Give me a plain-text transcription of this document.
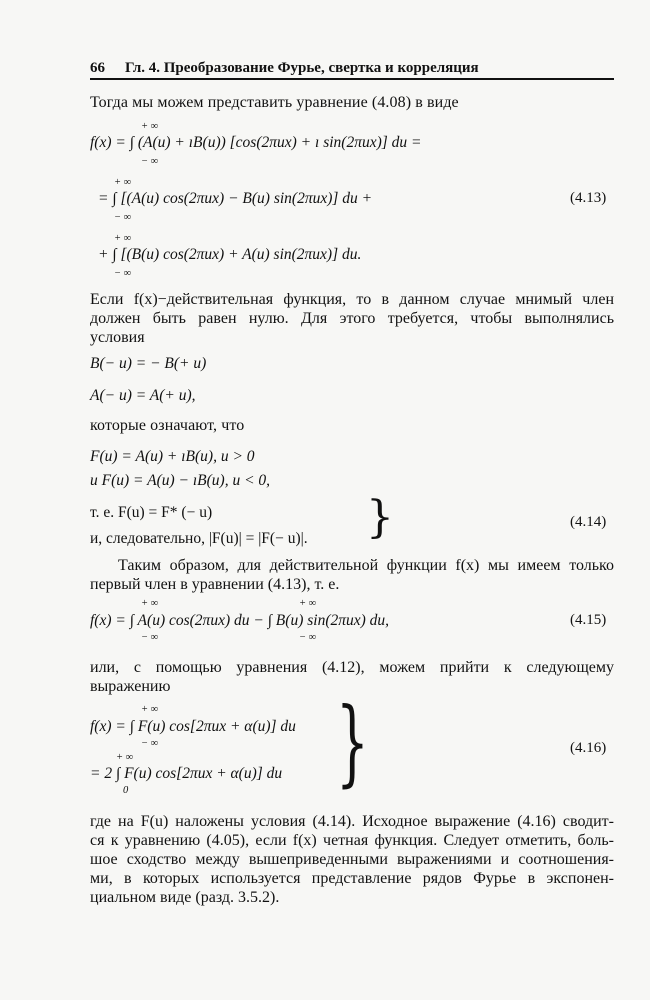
66 Гл. 4. Преобразование Фурье, свертка и корреляция
Тогда мы можем представить уравнение (4.08) в виде
+ ∞
− ∞
f(x) = ∫ (A(u) + ıB(u)) [cos(2πux) + ı sin(2πux)] du =
+ ∞
− ∞
= ∫ [(A(u) cos(2πux) − B(u) sin(2πux)] du +	(4.13)
+ ∞
− ∞
+ ∫ [(B(u) cos(2πux) + A(u) sin(2πux)] du.
Если f(x)−действительная функция, то в данном случае мнимый член
должен быть равен нулю. Для этого требуется, чтобы выполнялись
условия
B(− u) = − B(+ u)
A(− u) = A(+ u),
которые означают, что
F(u) = A(u) + ıB(u), u > 0
и F(u) = A(u) − ıB(u), u < 0,
т. е. F(u) = F* (− u)
и, следовательно, |F(u)| = |F(− u)|. }	(4.14)
Таким образом, для действительной функции f(x) мы имеем только
первый член в уравнении (4.13), т. е.
+ ∞
− ∞
+ ∞
− ∞
f(x) = ∫ A(u) cos(2πux) du − ∫ B(u) sin(2πux) du,	(4.15)
или, с помощью уравнения (4.12), можем прийти к следующему
выражению
+ ∞
f(x) = ∫ F(u) cos[2πux + α(u)] du
− ∞
+ ∞
= 2 ∫ F(u) cos[2πux + α(u)] du
0 }	(4.16)
где на F(u) наложены условия (4.14). Исходное выражение (4.16) сводит-
ся к уравнению (4.05), если f(x) четная функция. Следует отметить, боль-
шое сходство между вышеприведенными выражениями и соотношения-
ми, в которых используется представление рядов Фурье в экспонен-
циальном виде (разд. 3.5.2).
